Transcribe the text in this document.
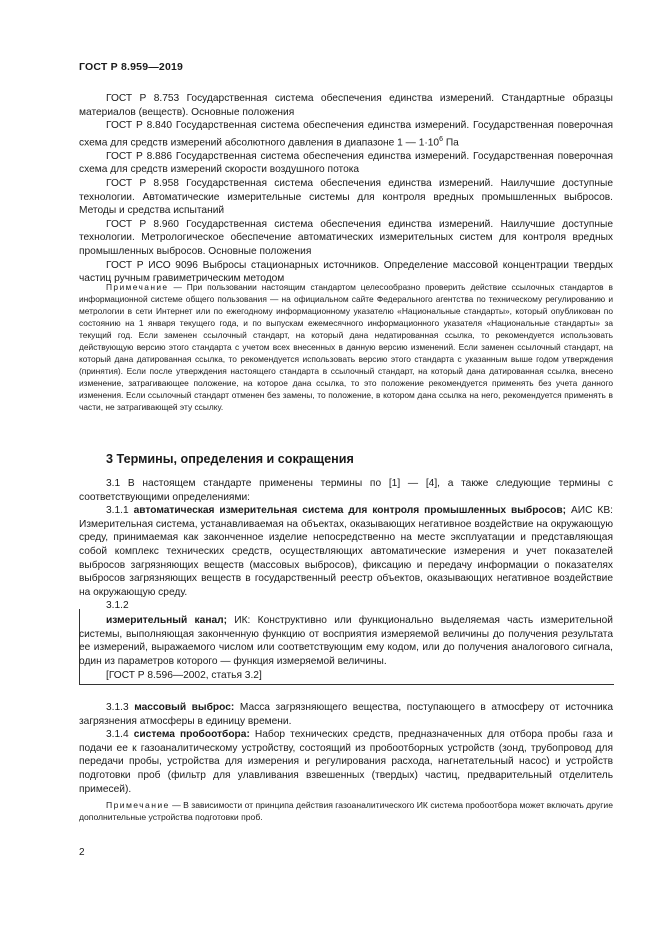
ГОСТ Р 8.959—2019

ГОСТ Р 8.753 Государственная система обеспечения единства измерений. Стандартные образцы материалов (веществ). Основные положения

ГОСТ Р 8.840 Государственная система обеспечения единства измерений. Государственная поверочная схема для средств измерений абсолютного давления в диапазоне 1 — $1\cdot 10^6$ Па

ГОСТ Р 8.886 Государственная система обеспечения единства измерений. Государственная поверочная схема для средств измерений скорости воздушного потока

ГОСТ Р 8.958 Государственная система обеспечения единства измерений. Наилучшие доступные технологии. Автоматические измерительные системы для контроля вредных промышленных выбросов. Методы и средства испытаний

ГОСТ Р 8.960 Государственная система обеспечения единства измерений. Наилучшие доступные технологии. Метрологическое обеспечение автоматических измерительных систем для контроля вредных промышленных выбросов. Основные положения

ГОСТ Р ИСО 9096 Выбросы стационарных источников. Определение массовой концентрации твердых частиц ручным гравиметрическим методом

Примечание — При пользовании настоящим стандартом целесообразно проверить действие ссылочных стандартов в информационной системе общего пользования — на официальном сайте Федерального агентства по техническому регулированию и метрологии в сети Интернет или по ежегодному информационному указателю «Национальные стандарты», который опубликован по состоянию на 1 января текущего года, и по выпускам ежемесячного информационного указателя «Национальные стандарты» за текущий год. Если заменен ссылочный стандарт, на который дана недатированная ссылка, то рекомендуется использовать действующую версию этого стандарта с учетом всех внесенных в данную версию изменений. Если заменен ссылочный стандарт, на который дана датированная ссылка, то рекомендуется использовать версию этого стандарта с указанным выше годом утверждения (принятия). Если после утверждения настоящего стандарта в ссылочный стандарт, на который дана датированная ссылка, внесено изменение, затрагивающее положение, на которое дана ссылка, то это положение рекомендуется применять без учета данного изменения. Если ссылочный стандарт отменен без замены, то положение, в котором дана ссылка на него, рекомендуется применять в части, не затрагивающей эту ссылку.

3 Термины, определения и сокращения

3.1 В настоящем стандарте применены термины по [1] — [4], а также следующие термины с соответствующими определениями:

3.1.1 автоматическая измерительная система для контроля промышленных выбросов; АИС КВ: Измерительная система, устанавливаемая на объектах, оказывающих негативное воздействие на окружающую среду, принимаемая как законченное изделие непосредственно на месте эксплуатации и представляющая собой комплекс технических средств, осуществляющих автоматические измерения и учет показателей выбросов загрязняющих веществ (массовых выбросов), фиксацию и передачу информации о показателях выбросов загрязняющих веществ в государственный реестр объектов, оказывающих негативное воздействие на окружающую среду.

3.1.2

измерительный канал; ИК: Конструктивно или функционально выделяемая часть измерительной системы, выполняющая законченную функцию от восприятия измеряемой величины до получения результата ее измерений, выражаемого числом или соответствующим ему кодом, или до получения аналогового сигнала, один из параметров которого — функция измеряемой величины.

[ГОСТ Р 8.596—2002, статья 3.2]

3.1.3 массовый выброс: Масса загрязняющего вещества, поступающего в атмосферу от источника загрязнения атмосферы в единицу времени.

3.1.4 система пробоотбора: Набор технических средств, предназначенных для отбора пробы газа и подачи ее к газоаналитическому устройству, состоящий из пробоотборных устройств (зонд, трубопровод для передачи пробы, устройства для измерения и регулирования расхода, нагнетательный насос) и устройств подготовки проб (фильтр для улавливания взвешенных (твердых) частиц, предварительный отделитель примесей).

Примечание — В зависимости от принципа действия газоаналитического ИК система пробоотбора может включать другие дополнительные устройства подготовки проб.

2
